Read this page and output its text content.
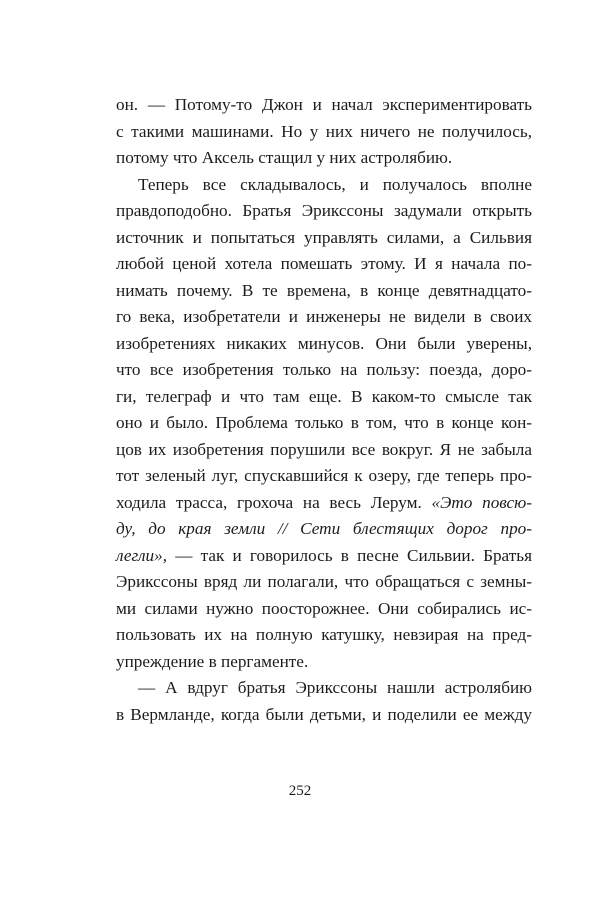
он. — Потому-то Джон и начал экспериментировать
с такими машинами. Но у них ничего не получилось,
потому что Аксель стащил у них астролябию.
Теперь все складывалось, и получалось вполне
правдоподобно. Братья Эриксcоны задумали открыть
источник и попытаться управлять силами, а Сильвия
любой ценой хотела помешать этому. И я начала по-
нимать почему. В те времена, в конце девятнадцато-
го века, изобретатели и инженеры не видели в своих
изобретениях никаких минусов. Они были уверены,
что все изобретения только на пользу: поезда, доро-
ги, телеграф и что там еще. В каком-то смысле так
оно и было. Проблема только в том, что в конце кон-
цов их изобретения порушили все вокруг. Я не забыла
тот зеленый луг, спускавшийся к озеру, где теперь про-
ходила трасса, грохоча на весь Лерум. «Это повсю-
ду, до края земли // Сети блестящих дорог про-
легли», — так и говорилось в песне Сильвии. Братья
Эриксcоны вряд ли полагали, что обращаться с земны-
ми силами нужно поосторожнее. Они собирались ис-
пользовать их на полную катушку, невзирая на пред-
упреждение в пергаменте.
— А вдруг братья Эриксcоны нашли астролябию
в Вермланде, когда были детьми, и поделили ее между
252
